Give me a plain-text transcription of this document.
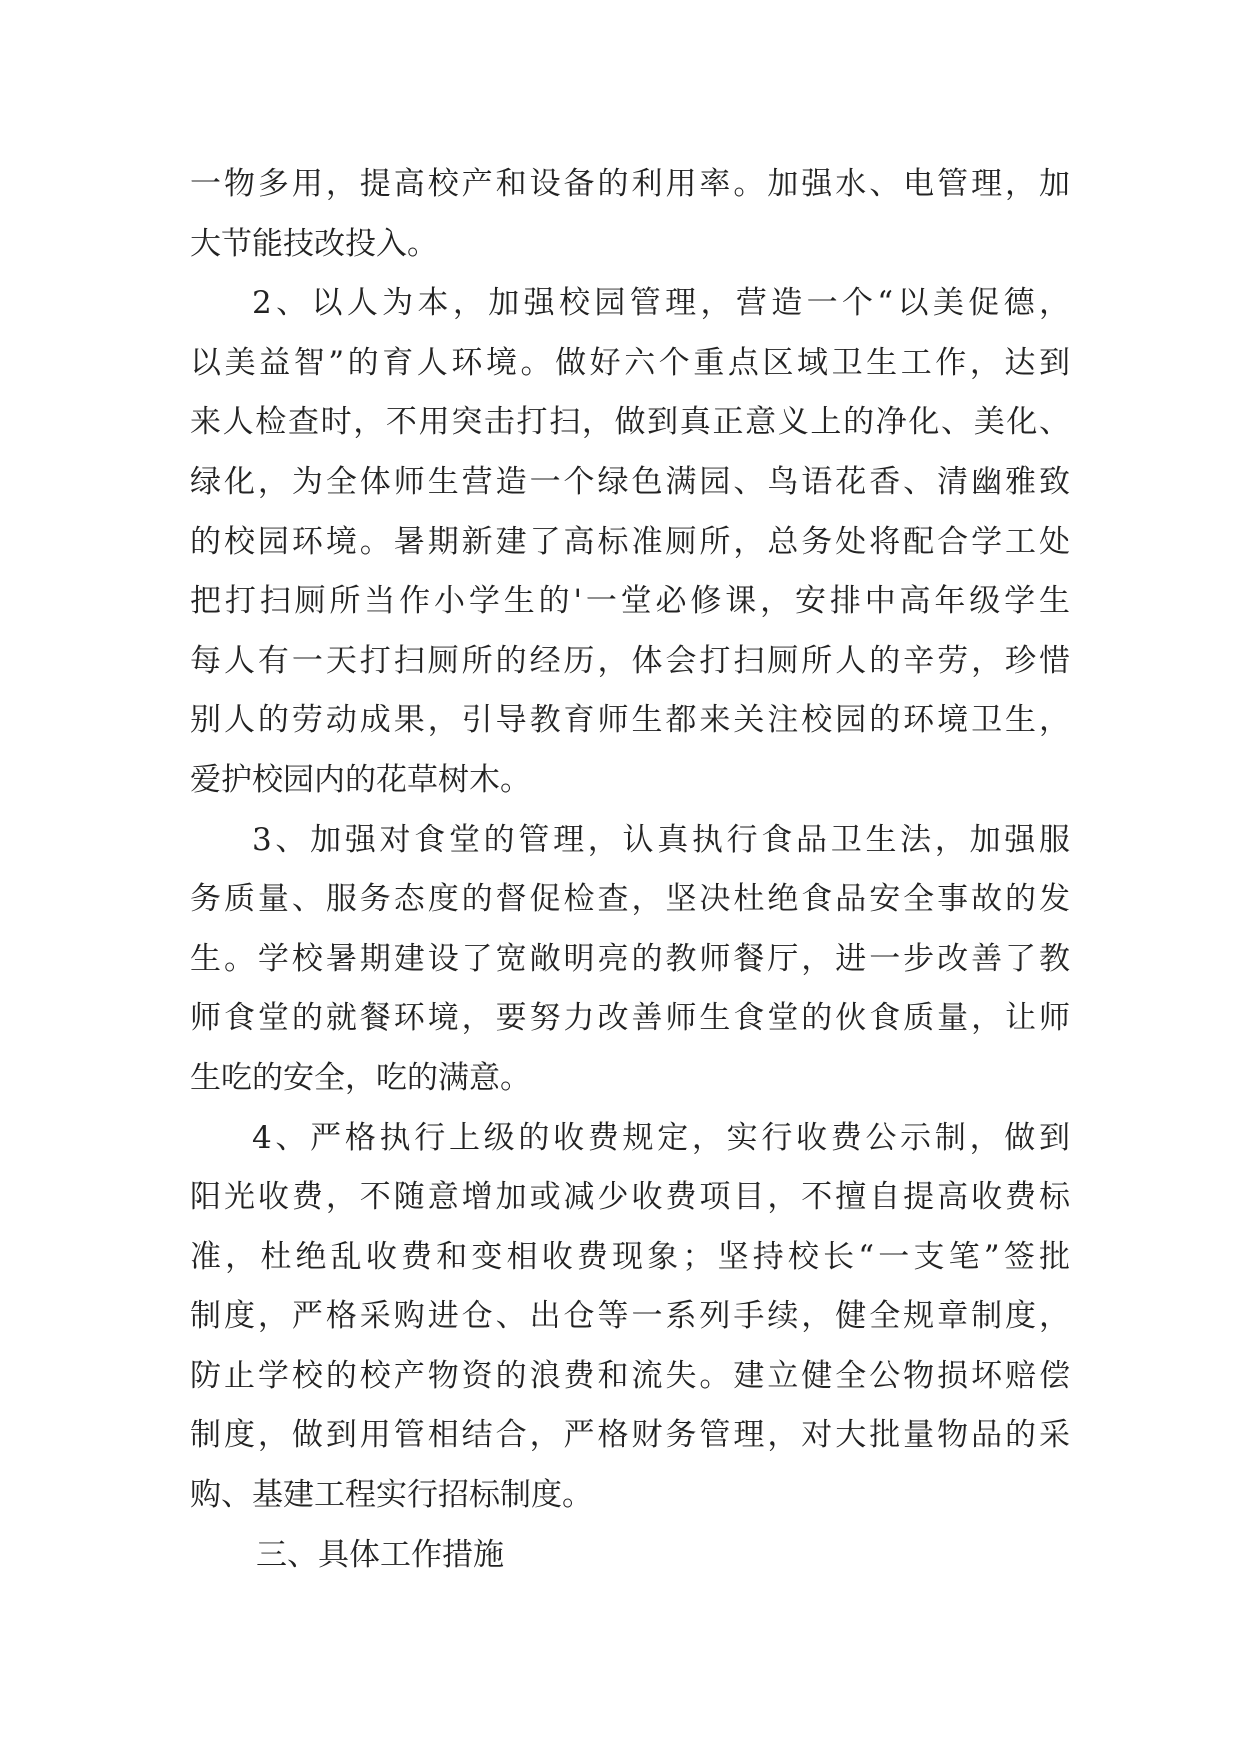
一物多用，提高校产和设备的利用率。加强水、电管理，加
大节能技改投入。
2、以人为本，加强校园管理，营造一个“以美促德，
以美益智”的育人环境。做好六个重点区域卫生工作，达到
来人检查时，不用突击打扫，做到真正意义上的净化、美化、
绿化，为全体师生营造一个绿色满园、鸟语花香、清幽雅致
的校园环境。暑期新建了高标准厕所，总务处将配合学工处
把打扫厕所当作小学生的'一堂必修课，安排中高年级学生
每人有一天打扫厕所的经历，体会打扫厕所人的辛劳，珍惜
别人的劳动成果，引导教育师生都来关注校园的环境卫生，
爱护校园内的花草树木。
3、加强对食堂的管理，认真执行食品卫生法，加强服
务质量、服务态度的督促检查，坚决杜绝食品安全事故的发
生。学校暑期建设了宽敞明亮的教师餐厅，进一步改善了教
师食堂的就餐环境，要努力改善师生食堂的伙食质量，让师
生吃的安全，吃的满意。
4、严格执行上级的收费规定，实行收费公示制，做到
阳光收费，不随意增加或减少收费项目，不擅自提高收费标
准，杜绝乱收费和变相收费现象；坚持校长“一支笔”签批
制度，严格采购进仓、出仓等一系列手续，健全规章制度，
防止学校的校产物资的浪费和流失。建立健全公物损坏赔偿
制度，做到用管相结合，严格财务管理，对大批量物品的采
购、基建工程实行招标制度。
三、具体工作措施
